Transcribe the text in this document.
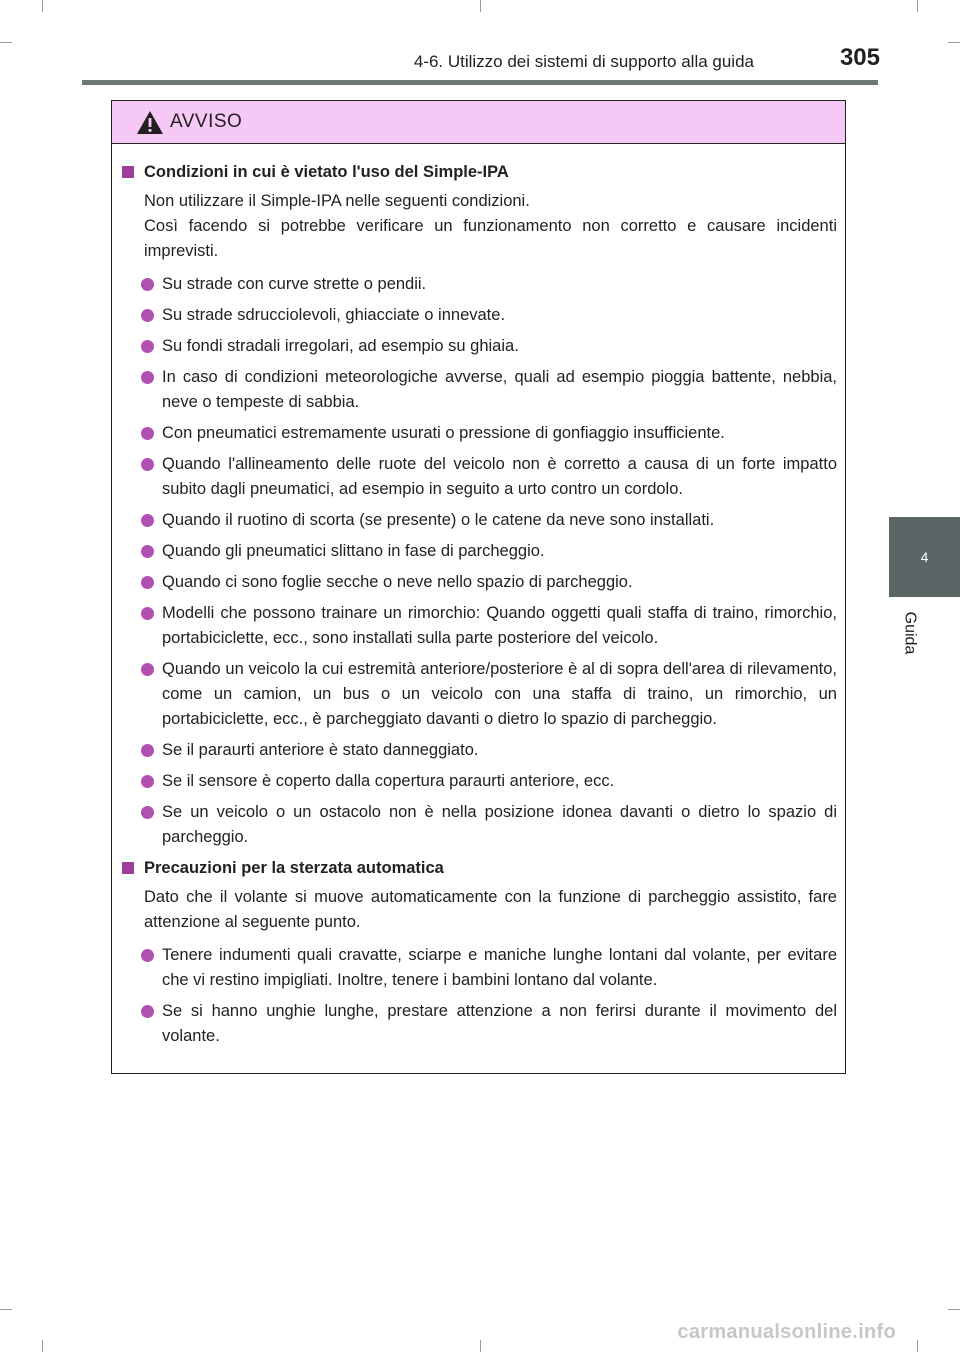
4-6. Utilizzo dei sistemi di supporto alla guida	305
4
Guida
AVVISO
Condizioni in cui è vietato l'uso del Simple-IPA
Non utilizzare il Simple-IPA nelle seguenti condizioni.
Così facendo si potrebbe verificare un funzionamento non corretto e causare incidenti imprevisti.
Su strade con curve strette o pendii.
Su strade sdrucciolevoli, ghiacciate o innevate.
Su fondi stradali irregolari, ad esempio su ghiaia.
In caso di condizioni meteorologiche avverse, quali ad esempio pioggia battente, nebbia, neve o tempeste di sabbia.
Con pneumatici estremamente usurati o pressione di gonfiaggio insufficiente.
Quando l'allineamento delle ruote del veicolo non è corretto a causa di un forte impatto subito dagli pneumatici, ad esempio in seguito a urto contro un cordolo.
Quando il ruotino di scorta (se presente) o le catene da neve sono installati.
Quando gli pneumatici slittano in fase di parcheggio.
Quando ci sono foglie secche o neve nello spazio di parcheggio.
Modelli che possono trainare un rimorchio: Quando oggetti quali staffa di traino, rimorchio, portabiciclette, ecc., sono installati sulla parte posteriore del veicolo.
Quando un veicolo la cui estremità anteriore/posteriore è al di sopra dell'area di rilevamento, come un camion, un bus o un veicolo con una staffa di traino, un rimorchio, un portabiciclette, ecc., è parcheggiato davanti o dietro lo spazio di parcheggio.
Se il paraurti anteriore è stato danneggiato.
Se il sensore è coperto dalla copertura paraurti anteriore, ecc.
Se un veicolo o un ostacolo non è nella posizione idonea davanti o dietro lo spazio di parcheggio.
Precauzioni per la sterzata automatica
Dato che il volante si muove automaticamente con la funzione di parcheggio assistito, fare attenzione al seguente punto.
Tenere indumenti quali cravatte, sciarpe e maniche lunghe lontani dal volante, per evitare che vi restino impigliati. Inoltre, tenere i bambini lontano dal volante.
Se si hanno unghie lunghe, prestare attenzione a non ferirsi durante il movimento del volante.
carmanualsonline.info
